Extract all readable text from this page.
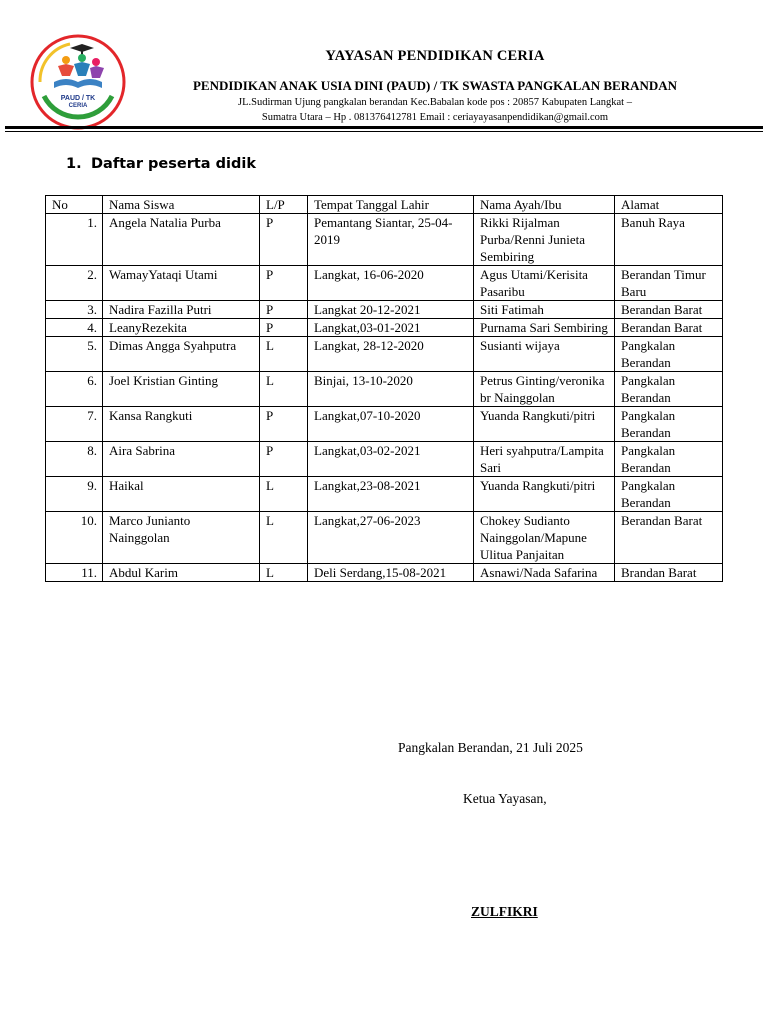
PAUD / TK
CERIA
YAYASAN PENDIDIKAN CERIA
PENDIDIKAN ANAK USIA DINI (PAUD) / TK SWASTA PANGKALAN BERANDAN
JL.Sudirman Ujung pangkalan berandan Kec.Babalan kode pos : 20857 Kabupaten Langkat –
Sumatra Utara – Hp . 081376412781 Email : ceriayayasanpendidikan@gmail.com
1. Daftar peserta didik
No	Nama Siswa	L/P	Tempat Tanggal Lahir	Nama Ayah/Ibu	Alamat
1.	Angela Natalia Purba	P	Pemantang Siantar, 25-04-2019	Rikki Rijalman Purba/Renni Junieta Sembiring	Banuh Raya
2.	WamayYataqi Utami	P	Langkat, 16-06-2020	Agus Utami/Kerisita Pasaribu	Berandan Timur Baru
3.	Nadira Fazilla Putri	P	Langkat 20-12-2021	Siti Fatimah	Berandan Barat
4.	LeanyRezekita	P	Langkat,03-01-2021	Purnama Sari Sembiring	Berandan Barat
5.	Dimas Angga Syahputra	L	Langkat, 28-12-2020	Susianti wijaya	Pangkalan Berandan
6.	Joel Kristian Ginting	L	Binjai, 13-10-2020	Petrus Ginting/veronika br Nainggolan	Pangkalan Berandan
7.	Kansa Rangkuti	P	Langkat,07-10-2020	Yuanda Rangkuti/pitri	Pangkalan Berandan
8.	Aira Sabrina	P	Langkat,03-02-2021	Heri syahputra/Lampita Sari	Pangkalan Berandan
9.	Haikal	L	Langkat,23-08-2021	Yuanda Rangkuti/pitri	Pangkalan Berandan
10.	Marco Junianto Nainggolan	L	Langkat,27-06-2023	Chokey Sudianto Nainggolan/Mapune Ulitua Panjaitan	Berandan Barat
11.	Abdul Karim	L	Deli Serdang,15-08-2021	Asnawi/Nada Safarina	Brandan Barat
Pangkalan Berandan, 21 Juli 2025
Ketua Yayasan,
ZULFIKRI
